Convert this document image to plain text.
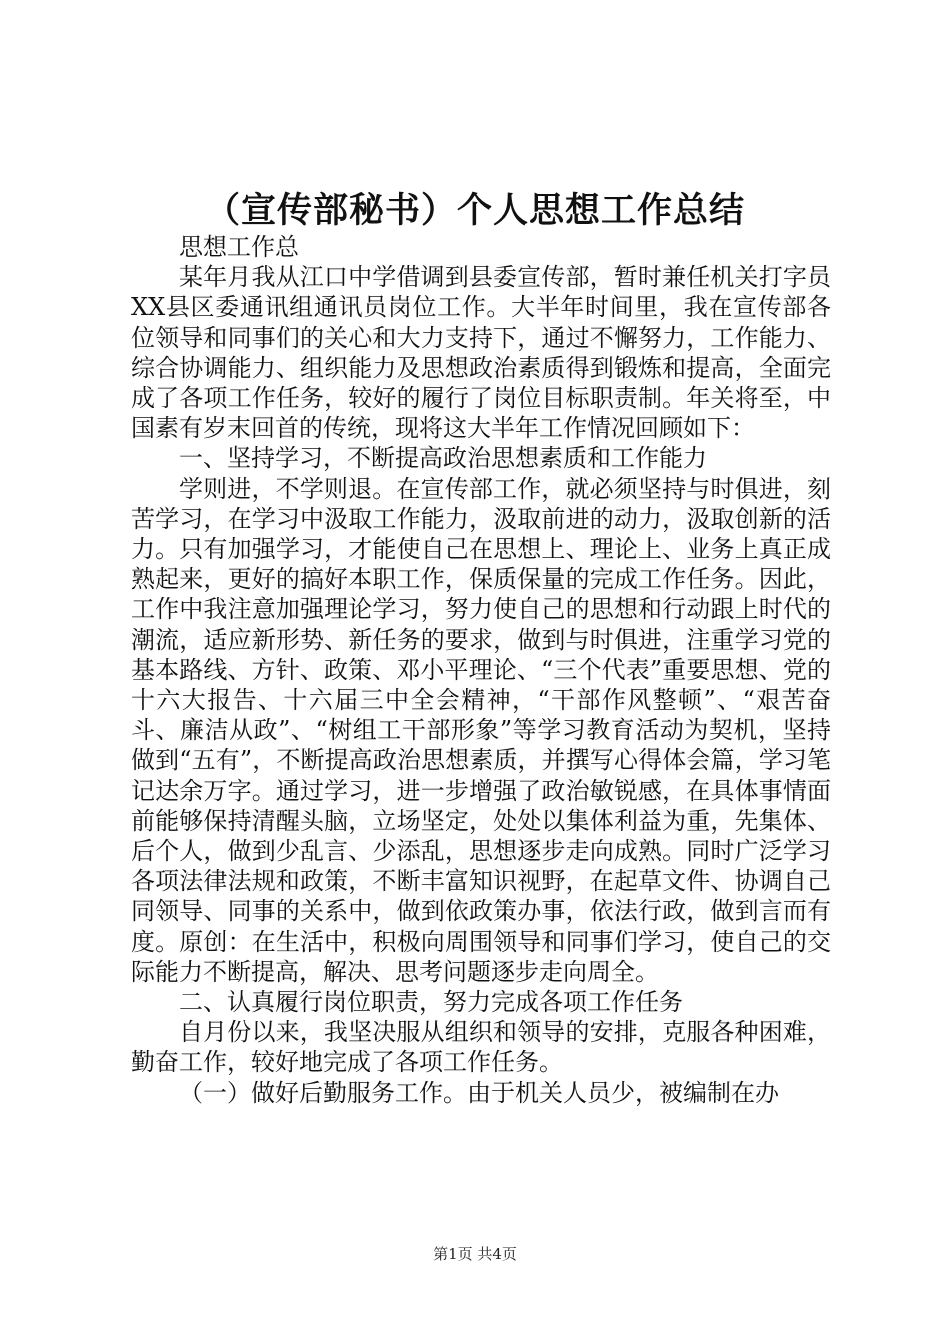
（宣传部秘书）个人思想工作总结

思想工作总

某年月我从江口中学借调到县委宣传部，暂时兼任机关打字员XX县区委通讯组通讯员岗位工作。大半年时间里，我在宣传部各位领导和同事们的关心和大力支持下，通过不懈努力，工作能力、综合协调能力、组织能力及思想政治素质得到锻炼和提高，全面完成了各项工作任务，较好的履行了岗位目标职责制。年关将至，中国素有岁末回首的传统，现将这大半年工作情况回顾如下：

一、坚持学习，不断提高政治思想素质和工作能力

学则进，不学则退。在宣传部工作，就必须坚持与时俱进，刻苦学习，在学习中汲取工作能力，汲取前进的动力，汲取创新的活力。只有加强学习，才能使自己在思想上、理论上、业务上真正成熟起来，更好的搞好本职工作，保质保量的完成工作任务。因此，工作中我注意加强理论学习，努力使自己的思想和行动跟上时代的潮流，适应新形势、新任务的要求，做到与时俱进，注重学习党的基本路线、方针、政策、邓小平理论、“三个代表”重要思想、党的十六大报告、十六届三中全会精神，“干部作风整顿”、“艰苦奋斗、廉洁从政”、“树组工干部形象”等学习教育活动为契机，坚持做到“五有”，不断提高政治思想素质，并撰写心得体会篇，学习笔记达余万字。通过学习，进一步增强了政治敏锐感，在具体事情面前能够保持清醒头脑，立场坚定，处处以集体利益为重，先集体、后个人，做到少乱言、少添乱，思想逐步走向成熟。同时广泛学习各项法律法规和政策，不断丰富知识视野，在起草文件、协调自己同领导、同事的关系中，做到依政策办事，依法行政，做到言而有度。原创：在生活中，积极向周围领导和同事们学习，使自己的交际能力不断提高，解决、思考问题逐步走向周全。

二、认真履行岗位职责，努力完成各项工作任务

自月份以来，我坚决服从组织和领导的安排，克服各种困难，勤奋工作，较好地完成了各项工作任务。

（一）做好后勤服务工作。由于机关人员少，被编制在办

第1页 共4页
